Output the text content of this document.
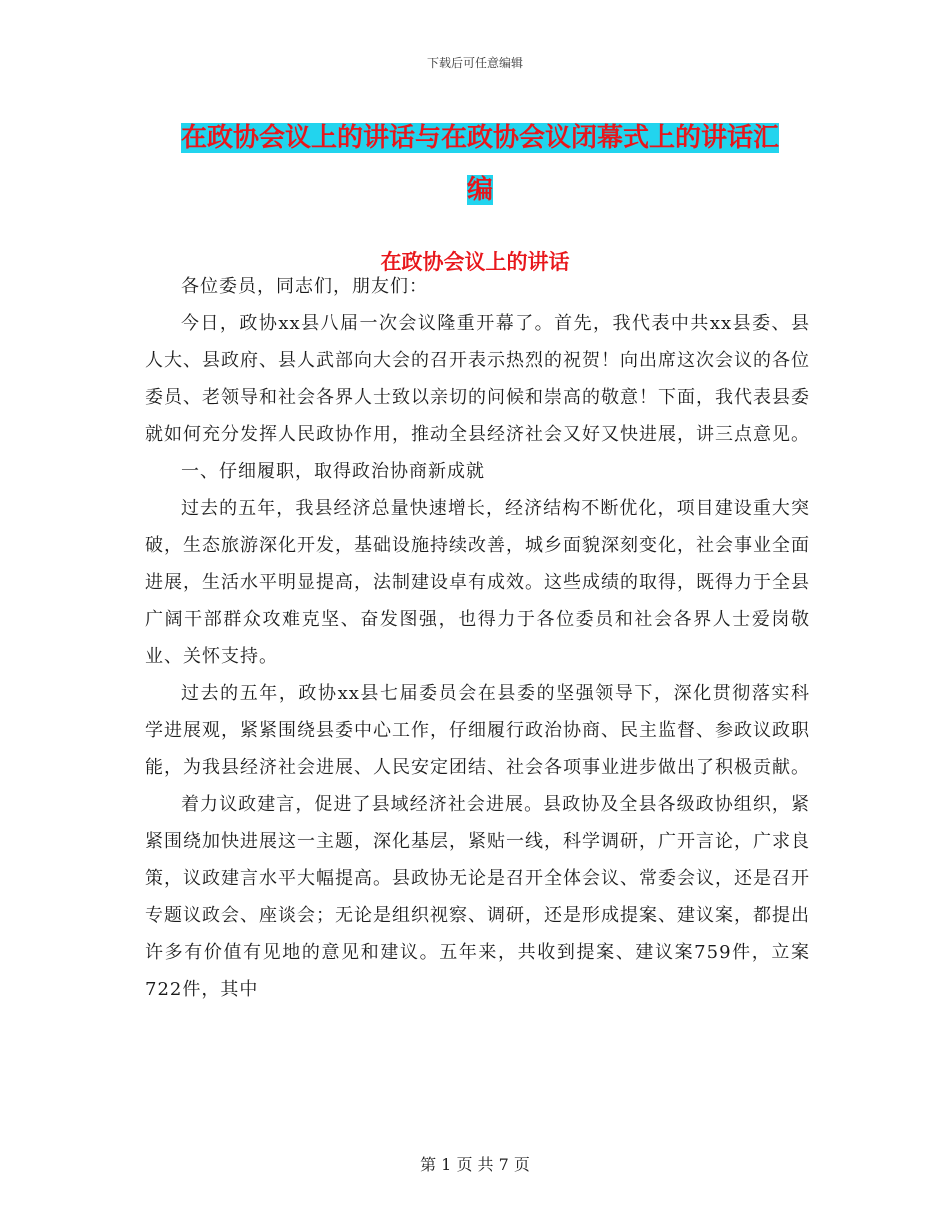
下载后可任意编辑
在政协会议上的讲话与在政协会议闭幕式上的讲话汇
编
在政协会议上的讲话

各位委员，同志们，朋友们：

今日，政协xx县八届一次会议隆重开幕了。首先，我代表中共xx县委、县人大、县政府、县人武部向大会的召开表示热烈的祝贺！向出席这次会议的各位委员、老领导和社会各界人士致以亲切的问候和崇高的敬意！下面，我代表县委就如何充分发挥人民政协作用，推动全县经济社会又好又快进展，讲三点意见。

一、仔细履职，取得政治协商新成就

过去的五年，我县经济总量快速增长，经济结构不断优化，项目建设重大突破，生态旅游深化开发，基础设施持续改善，城乡面貌深刻变化，社会事业全面进展，生活水平明显提高，法制建设卓有成效。这些成绩的取得，既得力于全县广阔干部群众攻难克坚、奋发图强，也得力于各位委员和社会各界人士爱岗敬业、关怀支持。

过去的五年，政协xx县七届委员会在县委的坚强领导下，深化贯彻落实科学进展观，紧紧围绕县委中心工作，仔细履行政治协商、民主监督、参政议政职能，为我县经济社会进展、人民安定团结、社会各项事业进步做出了积极贡献。

着力议政建言，促进了县域经济社会进展。县政协及全县各级政协组织，紧紧围绕加快进展这一主题，深化基层，紧贴一线，科学调研，广开言论，广求良策，议政建言水平大幅提高。县政协无论是召开全体会议、常委会议，还是召开专题议政会、座谈会；无论是组织视察、调研，还是形成提案、建议案，都提出许多有价值有见地的意见和建议。五年来，共收到提案、建议案759件，立案722件，其中

第 1 页 共 7 页
